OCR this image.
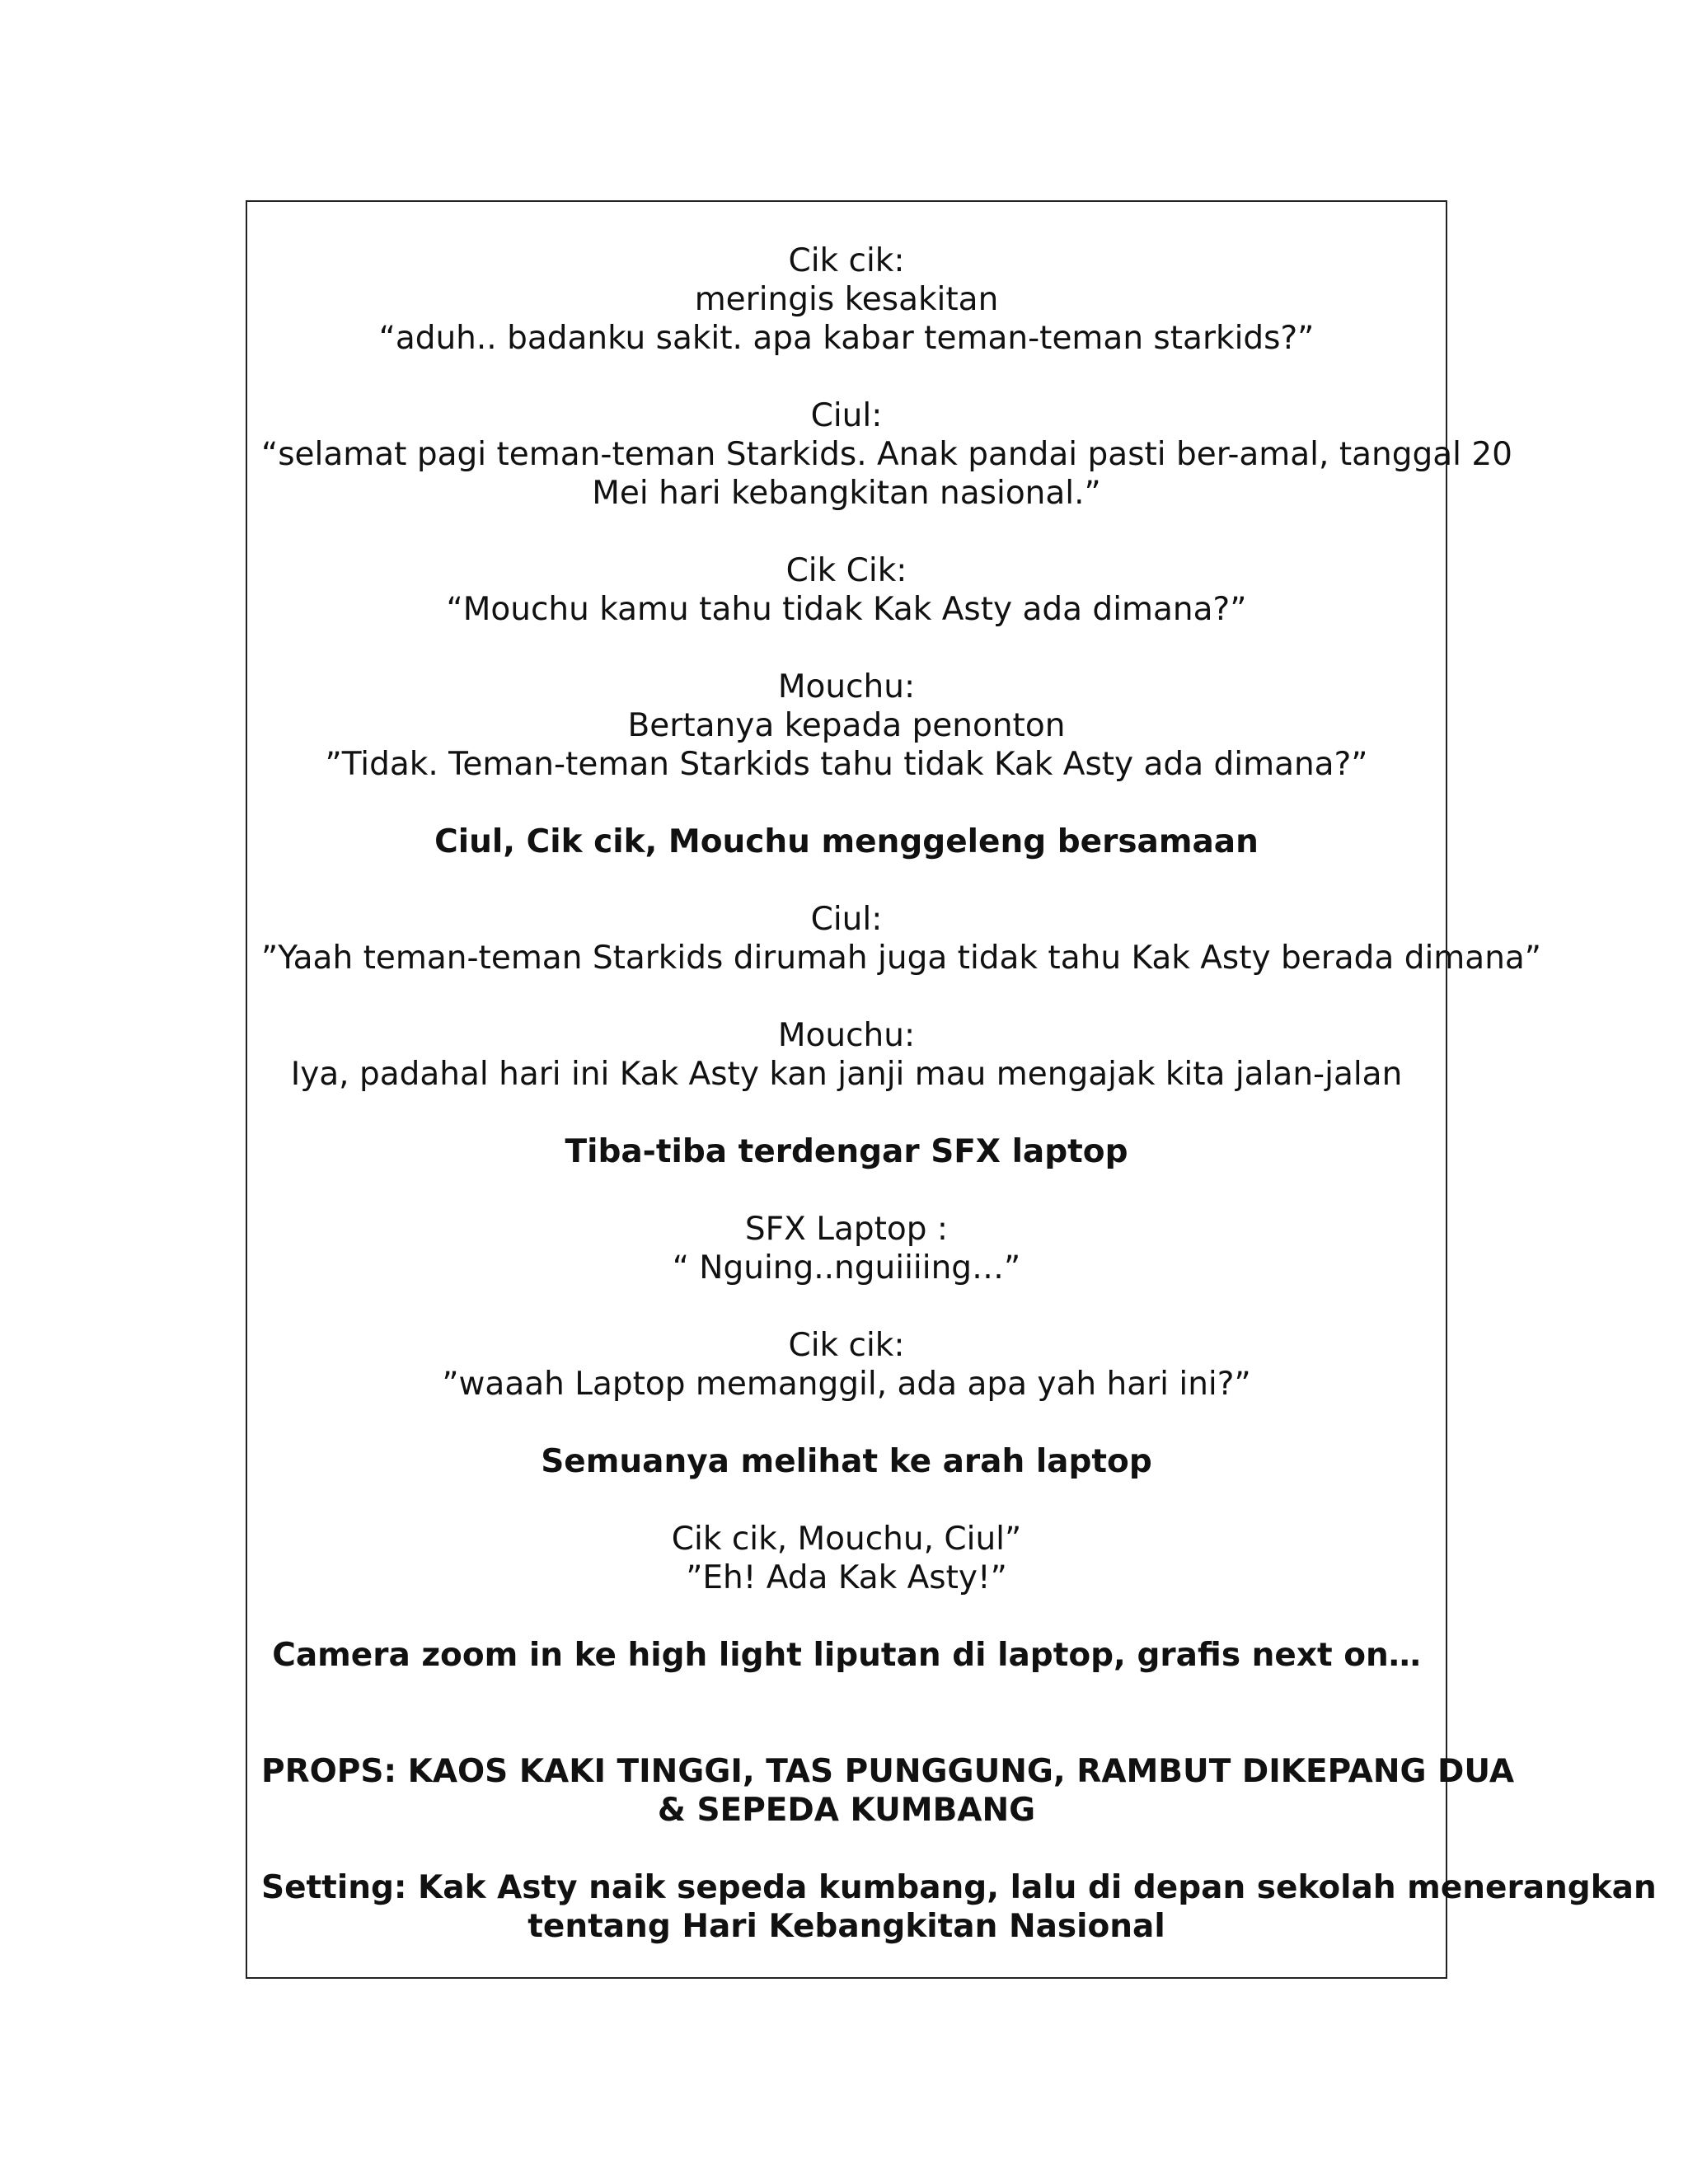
Cik cik:
meringis kesakitan
“aduh.. badanku sakit. apa kabar teman-teman starkids?”
Ciul:
“selamat pagi teman-teman Starkids. Anak pandai pasti ber-amal, tanggal 20
Mei hari kebangkitan nasional.”
Cik Cik:
“Mouchu kamu tahu tidak Kak Asty ada dimana?”
Mouchu:
Bertanya kepada penonton
”Tidak. Teman-teman Starkids tahu tidak Kak Asty ada dimana?”
Ciul, Cik cik, Mouchu menggeleng bersamaan
Ciul:
”Yaah teman-teman Starkids dirumah juga tidak tahu Kak Asty berada dimana”
Mouchu:
Iya, padahal hari ini Kak Asty kan janji mau mengajak kita jalan-jalan
Tiba-tiba terdengar SFX laptop
SFX Laptop :
“ Nguing..nguiiiing…”
Cik cik:
”waaah Laptop memanggil, ada apa yah hari ini?”
Semuanya melihat ke arah laptop
Cik cik, Mouchu, Ciul”
”Eh! Ada Kak Asty!”
Camera zoom in ke high light liputan di laptop, grafis next on…
PROPS: KAOS KAKI TINGGI, TAS PUNGGUNG, RAMBUT DIKEPANG DUA
& SEPEDA KUMBANG
Setting: Kak Asty naik sepeda kumbang, lalu di depan sekolah menerangkan
tentang Hari Kebangkitan Nasional
